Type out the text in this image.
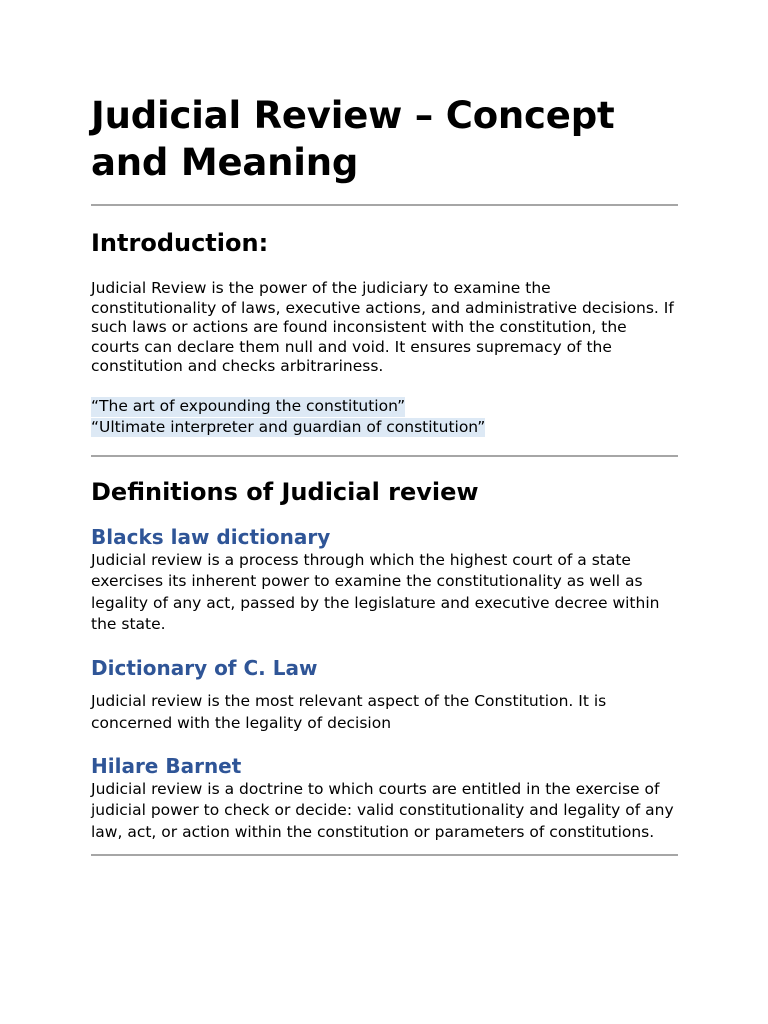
Judicial Review – Concept and Meaning
Introduction:

Judicial Review is the power of the judiciary to examine the constitutionality of laws, executive actions, and administrative decisions. If such laws or actions are found inconsistent with the constitution, the courts can declare them null and void. It ensures supremacy of the constitution and checks arbitrariness.

“The art of expounding the constitution”
“Ultimate interpreter and guardian of constitution”
Definitions of Judicial review
Blacks law dictionary

Judicial review is a process through which the highest court of a state exercises its inherent power to examine the constitutionality as well as legality of any act, passed by the legislature and executive decree within the state.

Dictionary of C. Law

Judicial review is the most relevant aspect of the Constitution. It is concerned with the legality of decision

Hilare Barnet

Judicial review is a doctrine to which courts are entitled in the exercise of judicial power to check or decide: valid constitutionality and legality of any law, act, or action within the constitution or parameters of constitutions.
